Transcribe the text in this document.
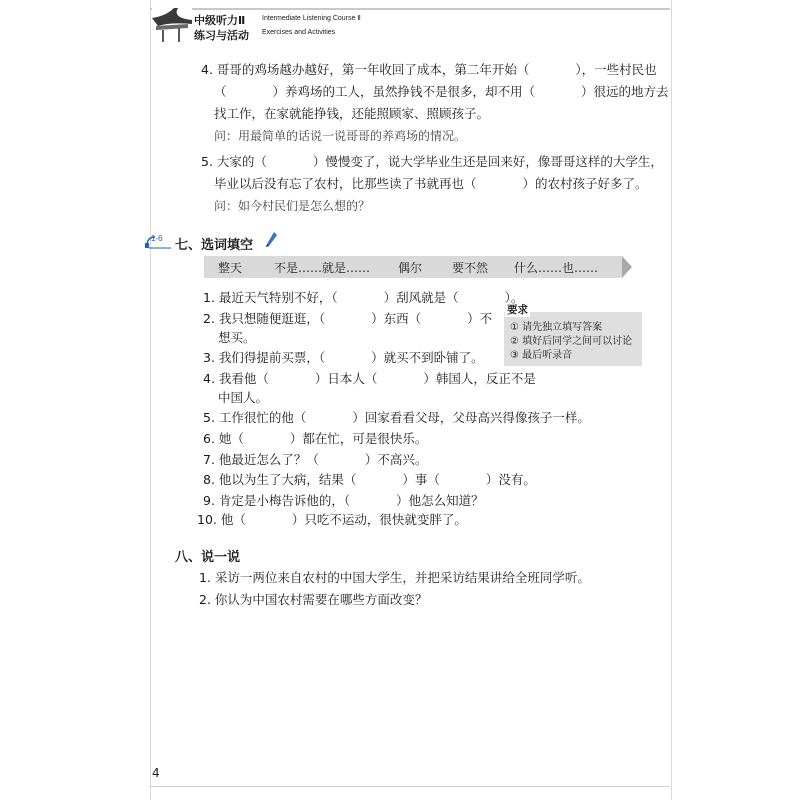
中级听力Ⅱ Intermediate Listening Course Ⅱ
练习与活动 Exercises and Activities
4. 哥哥的鸡场越办越好，第一年收回了成本，第二年开始（	），一些村民也
（	）养鸡场的工人，虽然挣钱不是很多，却不用（	）很远的地方去
找工作，在家就能挣钱，还能照顾家、照顾孩子。
问：用最简单的话说一说哥哥的养鸡场的情况。
5. 大家的（	）慢慢变了，说大学毕业生还是回来好，像哥哥这样的大学生，
毕业以后没有忘了农村，比那些读了书就再也（	）的农村孩子好多了。
问：如今村民们是怎么想的？
1-6 七、选词填空
整天	不是……就是…… 偶尔 要不然 什么……也……
要求
① 请先独立填写答案
② 填好后同学之间可以讨论
③ 最后听录音
1. 最近天气特别不好，（	）刮风就是（	）。
2. 我只想随便逛逛，（	）东西（	）不
想买。
3. 我们得提前买票，（	）就买不到卧铺了。
4. 我看他（	）日本人（	）韩国人，反正不是
中国人。
5. 工作很忙的他（	）回家看看父母，父母高兴得像孩子一样。
6. 她（	）都在忙，可是很快乐。
7. 他最近怎么了？（	）不高兴。
8. 他以为生了大病，结果（	）事（	）没有。
9. 肯定是小梅告诉他的，（	）他怎么知道？
10. 他（	）只吃不运动，很快就变胖了。
八、说一说
1. 采访一两位来自农村的中国大学生，并把采访结果讲给全班同学听。
2. 你认为中国农村需要在哪些方面改变？
4
